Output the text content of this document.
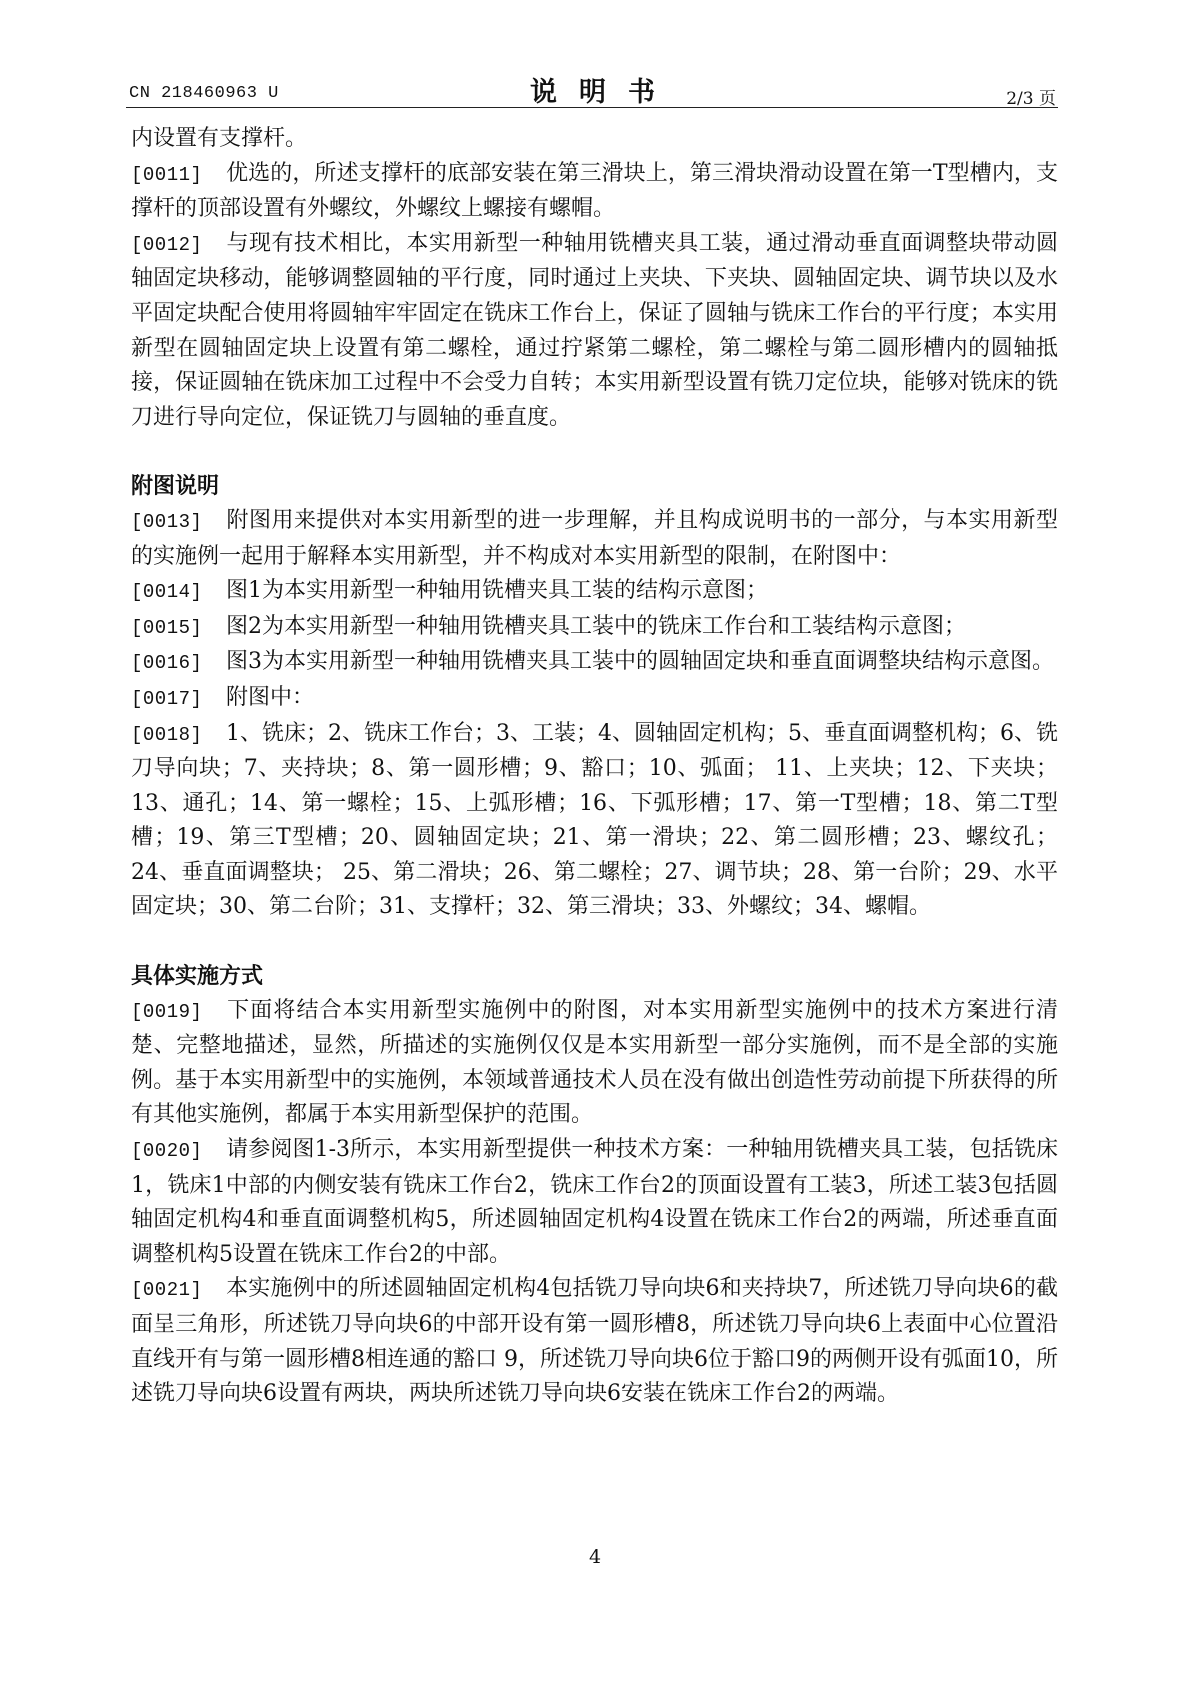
CN 218460963 U	说明书	2/3 页

内设置有支撑杆。

[0011] 优选的，所述支撑杆的底部安装在第三滑块上，第三滑块滑动设置在第一T型槽内，支撑杆的顶部设置有外螺纹，外螺纹上螺接有螺帽。

[0012] 与现有技术相比，本实用新型一种轴用铣槽夹具工装，通过滑动垂直面调整块带动圆轴固定块移动，能够调整圆轴的平行度，同时通过上夹块、下夹块、圆轴固定块、调节块以及水平固定块配合使用将圆轴牢牢固定在铣床工作台上，保证了圆轴与铣床工作台的平行度；本实用新型在圆轴固定块上设置有第二螺栓，通过拧紧第二螺栓，第二螺栓与第二圆形槽内的圆轴抵接，保证圆轴在铣床加工过程中不会受力自转；本实用新型设置有铣刀定位块，能够对铣床的铣刀进行导向定位，保证铣刀与圆轴的垂直度。

附图说明

[0013] 附图用来提供对本实用新型的进一步理解，并且构成说明书的一部分，与本实用新型的实施例一起用于解释本实用新型，并不构成对本实用新型的限制，在附图中：

[0014] 图1为本实用新型一种轴用铣槽夹具工装的结构示意图；

[0015] 图2为本实用新型一种轴用铣槽夹具工装中的铣床工作台和工装结构示意图；

[0016] 图3为本实用新型一种轴用铣槽夹具工装中的圆轴固定块和垂直面调整块结构示意图。

[0017] 附图中：

[0018] 1、铣床；2、铣床工作台；3、工装；4、圆轴固定机构；5、垂直面调整机构；6、铣刀导向块；7、夹持块；8、第一圆形槽；9、豁口；10、弧面； 11、上夹块；12、下夹块；13、通孔；14、第一螺栓；15、上弧形槽；16、下弧形槽；17、第一T型槽；18、第二T型槽；19、第三T型槽；20、圆轴固定块；21、第一滑块；22、第二圆形槽；23、螺纹孔；24、垂直面调整块； 25、第二滑块；26、第二螺栓；27、调节块；28、第一台阶；29、水平固定块；30、第二台阶；31、支撑杆；32、第三滑块；33、外螺纹；34、螺帽。

具体实施方式

[0019] 下面将结合本实用新型实施例中的附图，对本实用新型实施例中的技术方案进行清楚、完整地描述，显然，所描述的实施例仅仅是本实用新型一部分实施例，而不是全部的实施例。基于本实用新型中的实施例，本领域普通技术人员在没有做出创造性劳动前提下所获得的所有其他实施例，都属于本实用新型保护的范围。

[0020] 请参阅图1-3所示，本实用新型提供一种技术方案：一种轴用铣槽夹具工装，包括铣床1，铣床1中部的内侧安装有铣床工作台2，铣床工作台2的顶面设置有工装3，所述工装3包括圆轴固定机构4和垂直面调整机构5，所述圆轴固定机构4设置在铣床工作台2的两端，所述垂直面调整机构5设置在铣床工作台2的中部。

[0021] 本实施例中的所述圆轴固定机构4包括铣刀导向块6和夹持块7，所述铣刀导向块6的截面呈三角形，所述铣刀导向块6的中部开设有第一圆形槽8，所述铣刀导向块6上表面中心位置沿直线开有与第一圆形槽8相连通的豁口 9，所述铣刀导向块6位于豁口9的两侧开设有弧面10，所述铣刀导向块6设置有两块，两块所述铣刀导向块6安装在铣床工作台2的两端。

4
